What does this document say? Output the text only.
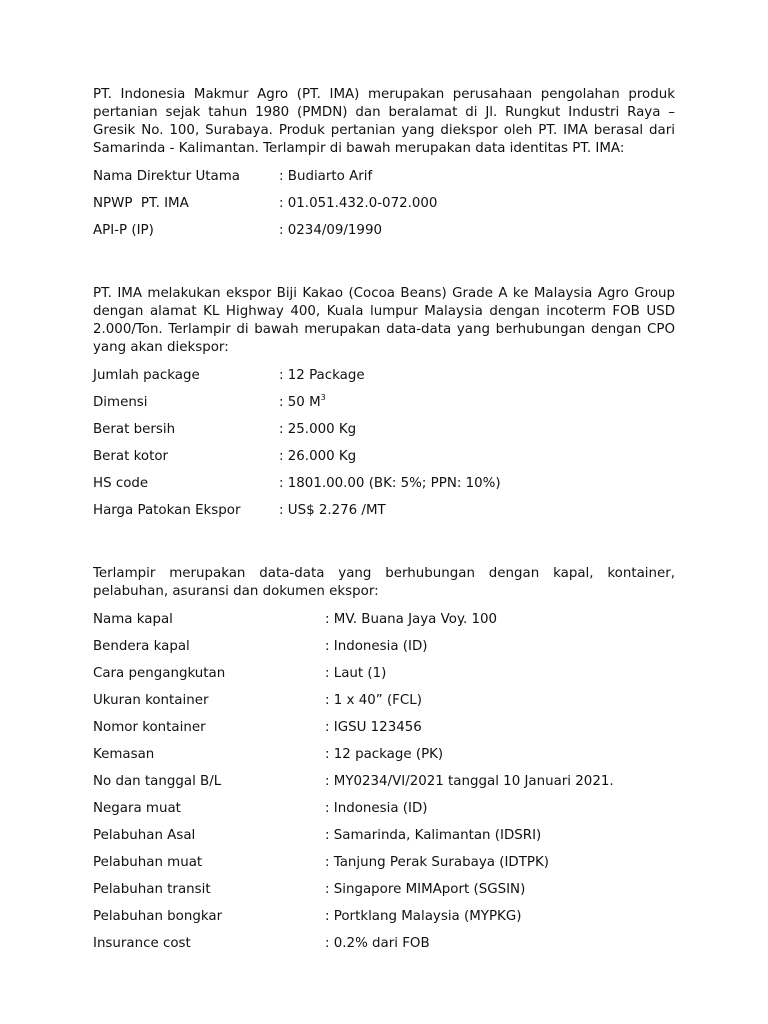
PT. Indonesia Makmur Agro (PT. IMA) merupakan perusahaan pengolahan produk pertanian sejak tahun 1980 (PMDN) dan beralamat di Jl. Rungkut Industri Raya – Gresik No. 100, Surabaya. Produk pertanian yang diekspor oleh PT. IMA berasal dari Samarinda - Kalimantan. Terlampir di bawah merupakan data identitas PT. IMA:

Nama Direktur Utama	: Budiarto Arif
NPWP  PT. IMA	: 01.051.432.0-072.000
API-P (IP)	: 0234/09/1990

PT. IMA melakukan ekspor Biji Kakao (Cocoa Beans) Grade A ke Malaysia Agro Group dengan alamat KL Highway 400, Kuala lumpur Malaysia dengan incoterm FOB USD 2.000/Ton. Terlampir di bawah merupakan data-data yang berhubungan dengan CPO yang akan diekspor:

Jumlah package	: 12 Package
Dimensi	: 50 $M^3$
Berat bersih	: 25.000 Kg
Berat kotor	: 26.000 Kg
HS code	: 1801.00.00 (BK: 5%; PPN: 10%)
Harga Patokan Ekspor	: US$ 2.276 /MT

Terlampir merupakan data-data yang berhubungan dengan kapal, kontainer, pelabuhan, asuransi dan dokumen ekspor:

Nama kapal	: MV. Buana Jaya Voy. 100
Bendera kapal	: Indonesia (ID)
Cara pengangkutan	: Laut (1)
Ukuran kontainer	: 1 x 40” (FCL)
Nomor kontainer	: IGSU 123456
Kemasan	: 12 package (PK)
No dan tanggal B/L	: MY0234/VI/2021 tanggal 10 Januari 2021.
Negara muat	: Indonesia (ID)
Pelabuhan Asal	: Samarinda, Kalimantan (IDSRI)
Pelabuhan muat	: Tanjung Perak Surabaya (IDTPK)
Pelabuhan transit	: Singapore MIMAport (SGSIN)
Pelabuhan bongkar	: Portklang Malaysia (MYPKG)
Insurance cost	: 0.2% dari FOB
